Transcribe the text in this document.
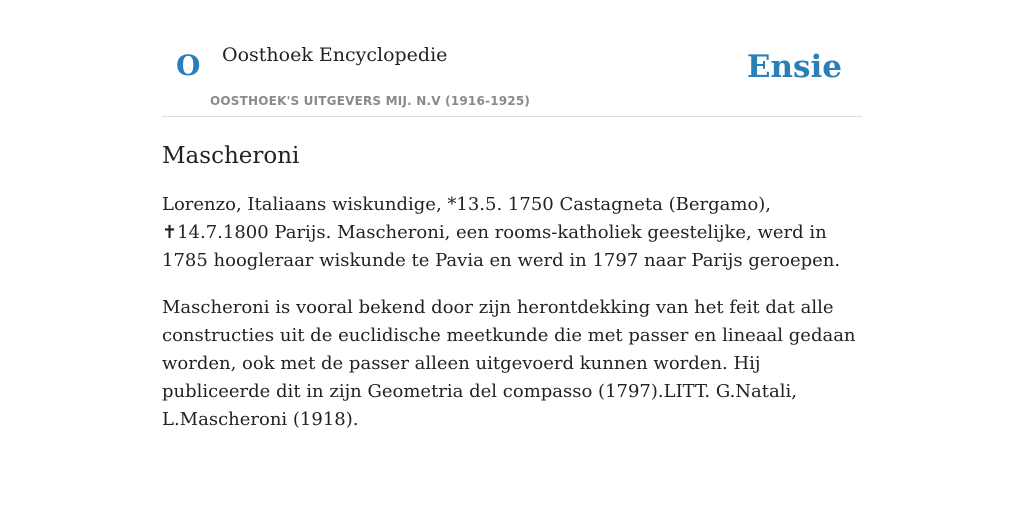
O Oosthoek Encyclopedie
OOSTHOEK'S UITGEVERS MIJ. N.V (1916-1925)
Ensie
Mascheroni

Lorenzo, Italiaans wiskundige, *13.5. 1750 Castagneta (Bergamo), ✝14.7.1800 Parijs. Mascheroni, een rooms-katholiek geestelijke, werd in 1785 hoogleraar wiskunde te Pavia en werd in 1797 naar Parijs geroepen.

Mascheroni is vooral bekend door zijn herontdekking van het feit dat alle constructies uit de euclidische meetkunde die met passer en lineaal gedaan worden, ook met de passer alleen uitgevoerd kunnen worden. Hij publiceerde dit in zijn Geometria del compasso (1797).LITT. G.Natali, L.Mascheroni (1918).
